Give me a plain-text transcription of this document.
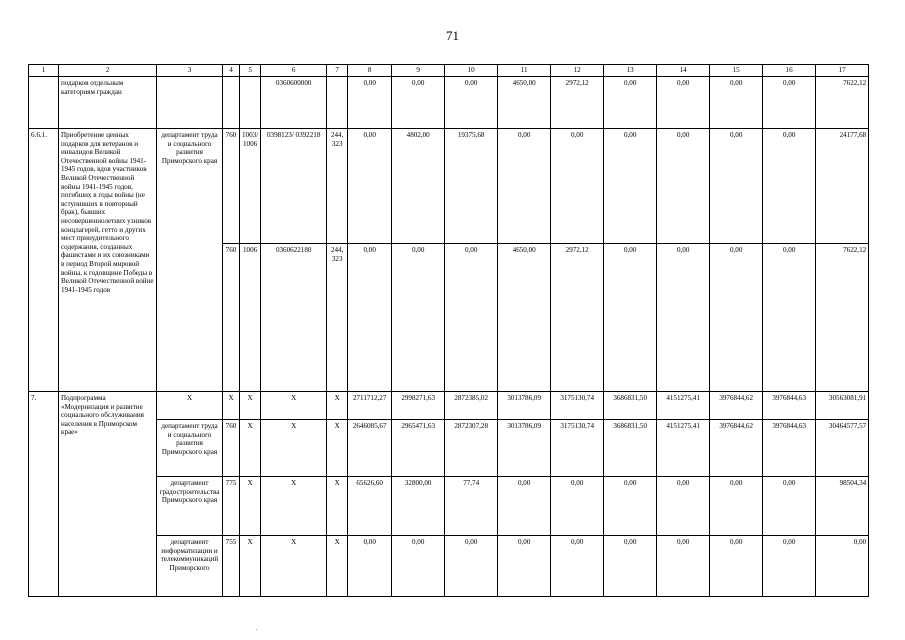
71
1	2	3	4	5	6	7	8	9	10	11	12	13	14	15	16	17
	подарков отдельным категориям граждан				0360600000		0,00	0,00	0,00	4650,00	2972,12	0,00	0,00	0,00	0,00	7622,12
6.6.1.	Приобретение ценных подарков для ветеранов и инвалидов Великой Отечественной войны 1941-1945 годов, вдов участников Великой Отечественной войны 1941-1945 годов, погибших в годы войны (не вступивших в повторный брак), бывших несовершеннолетних узников концлагерей, гетто и других мест принудительного содержания, созданных фашистами и их союзниками в период Второй мировой войны, к годовщине Победы в Великой Отечественной войне 1941-1945 годов	департамент труда и социального развития Приморского края	760	1003/ 1006	0398123/ 0392218	244, 323	0,00	4802,00	19375,68	0,00	0,00	0,00	0,00	0,00	0,00	24177,68
			760	1006	0360622180	244, 323	0,00	0,00	0,00	4650,00	2972,12	0,00	0,00	0,00	0,00	7622,12
7.	Подпрограмма «Модернизация и развитие социального обслуживания населения в Приморском крае»	Х	Х	Х	Х	Х	2711712,27	2998271,63	2872385,02	3013786,09	3175130,74	3686831,50	4151275,41	3976844,62	3976844,63	30563081,91
		департамент труда и социального развития Приморского края	760	Х	Х	Х	2646085,67	2965471,63	2872307,28	3013786,09	3175130,74	3686831,50	4151275,41	3976844,62	3976844,63	30464577,57
		департамент градостроительства Приморского края	775	Х	Х	Х	65626,60	32800,00	77,74	0,00	0,00	0,00	0,00	0,00	0,00	98504,34
		департамент информатизации и телекоммуникаций Приморского	755	Х	Х	Х	0,00	0,00	0,00	0,00	0,00	0,00	0,00	0,00	0,00	0,00
.
